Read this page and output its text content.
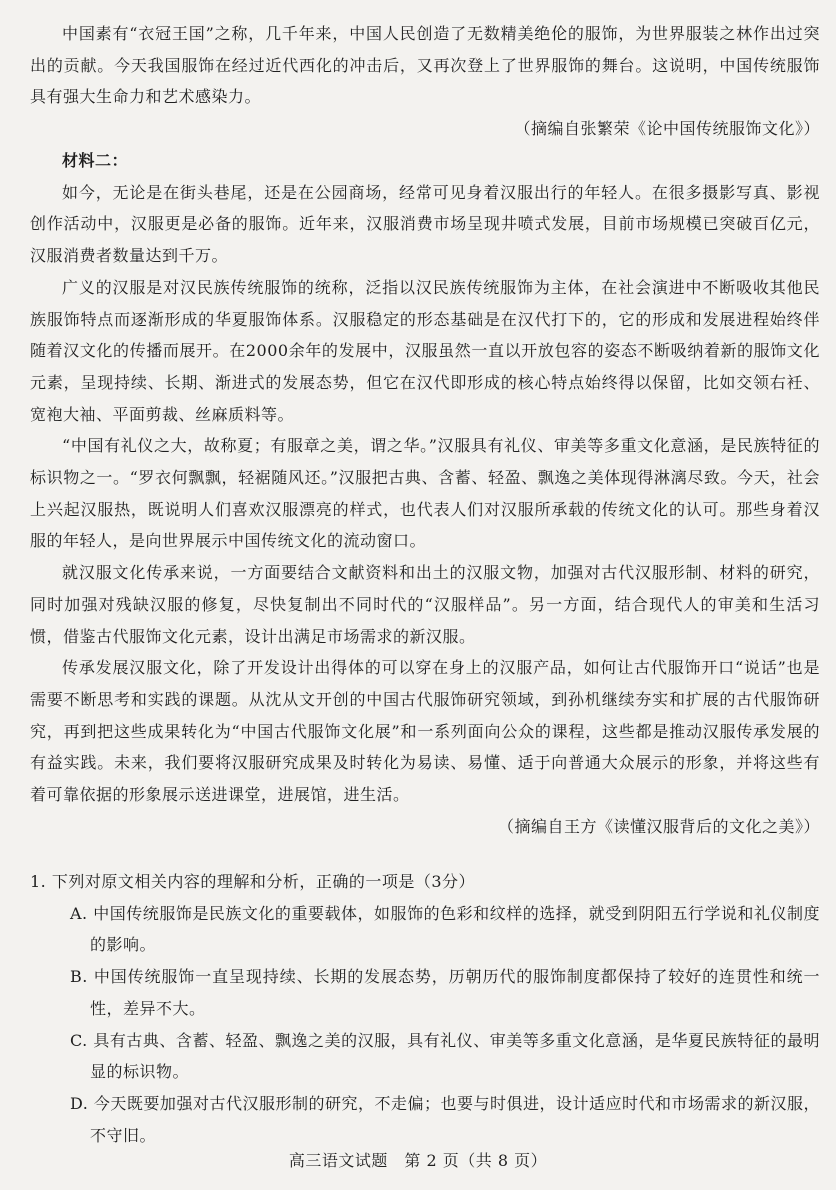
中国素有“衣冠王国”之称，几千年来，中国人民创造了无数精美绝伦的服饰，为世界服装之林作出过突出的贡献。今天我国服饰在经过近代西化的冲击后，又再次登上了世界服饰的舞台。这说明，中国传统服饰具有强大生命力和艺术感染力。

（摘编自张繁荣《论中国传统服饰文化》）

材料二：

如今，无论是在街头巷尾，还是在公园商场，经常可见身着汉服出行的年轻人。在很多摄影写真、影视创作活动中，汉服更是必备的服饰。近年来，汉服消费市场呈现井喷式发展，目前市场规模已突破百亿元，汉服消费者数量达到千万。

广义的汉服是对汉民族传统服饰的统称，泛指以汉民族传统服饰为主体，在社会演进中不断吸收其他民族服饰特点而逐渐形成的华夏服饰体系。汉服稳定的形态基础是在汉代打下的，它的形成和发展进程始终伴随着汉文化的传播而展开。在2000余年的发展中，汉服虽然一直以开放包容的姿态不断吸纳着新的服饰文化元素，呈现持续、长期、渐进式的发展态势，但它在汉代即形成的核心特点始终得以保留，比如交领右衽、宽袍大袖、平面剪裁、丝麻质料等。

“中国有礼仪之大，故称夏；有服章之美，谓之华。”汉服具有礼仪、审美等多重文化意涵，是民族特征的标识物之一。“罗衣何飘飘，轻裾随风还。”汉服把古典、含蓄、轻盈、飘逸之美体现得淋漓尽致。今天，社会上兴起汉服热，既说明人们喜欢汉服漂亮的样式，也代表人们对汉服所承载的传统文化的认可。那些身着汉服的年轻人，是向世界展示中国传统文化的流动窗口。

就汉服文化传承来说，一方面要结合文献资料和出土的汉服文物，加强对古代汉服形制、材料的研究，同时加强对残缺汉服的修复，尽快复制出不同时代的“汉服样品”。另一方面，结合现代人的审美和生活习惯，借鉴古代服饰文化元素，设计出满足市场需求的新汉服。

传承发展汉服文化，除了开发设计出得体的可以穿在身上的汉服产品，如何让古代服饰开口“说话”也是需要不断思考和实践的课题。从沈从文开创的中国古代服饰研究领域，到孙机继续夯实和扩展的古代服饰研究，再到把这些成果转化为“中国古代服饰文化展”和一系列面向公众的课程，这些都是推动汉服传承发展的有益实践。未来，我们要将汉服研究成果及时转化为易读、易懂、适于向普通大众展示的形象，并将这些有着可靠依据的形象展示送进课堂，进展馆，进生活。

（摘编自王方《读懂汉服背后的文化之美》）

1. 下列对原文相关内容的理解和分析，正确的一项是（3分）

A. 中国传统服饰是民族文化的重要载体，如服饰的色彩和纹样的选择，就受到阴阳五行学说和礼仪制度的影响。

B. 中国传统服饰一直呈现持续、长期的发展态势，历朝历代的服饰制度都保持了较好的连贯性和统一性，差异不大。

C. 具有古典、含蓄、轻盈、飘逸之美的汉服，具有礼仪、审美等多重文化意涵，是华夏民族特征的最明显的标识物。

D. 今天既要加强对古代汉服形制的研究，不走偏；也要与时俱进，设计适应时代和市场需求的新汉服，不守旧。

高三语文试题　第 2 页（共 8 页）
